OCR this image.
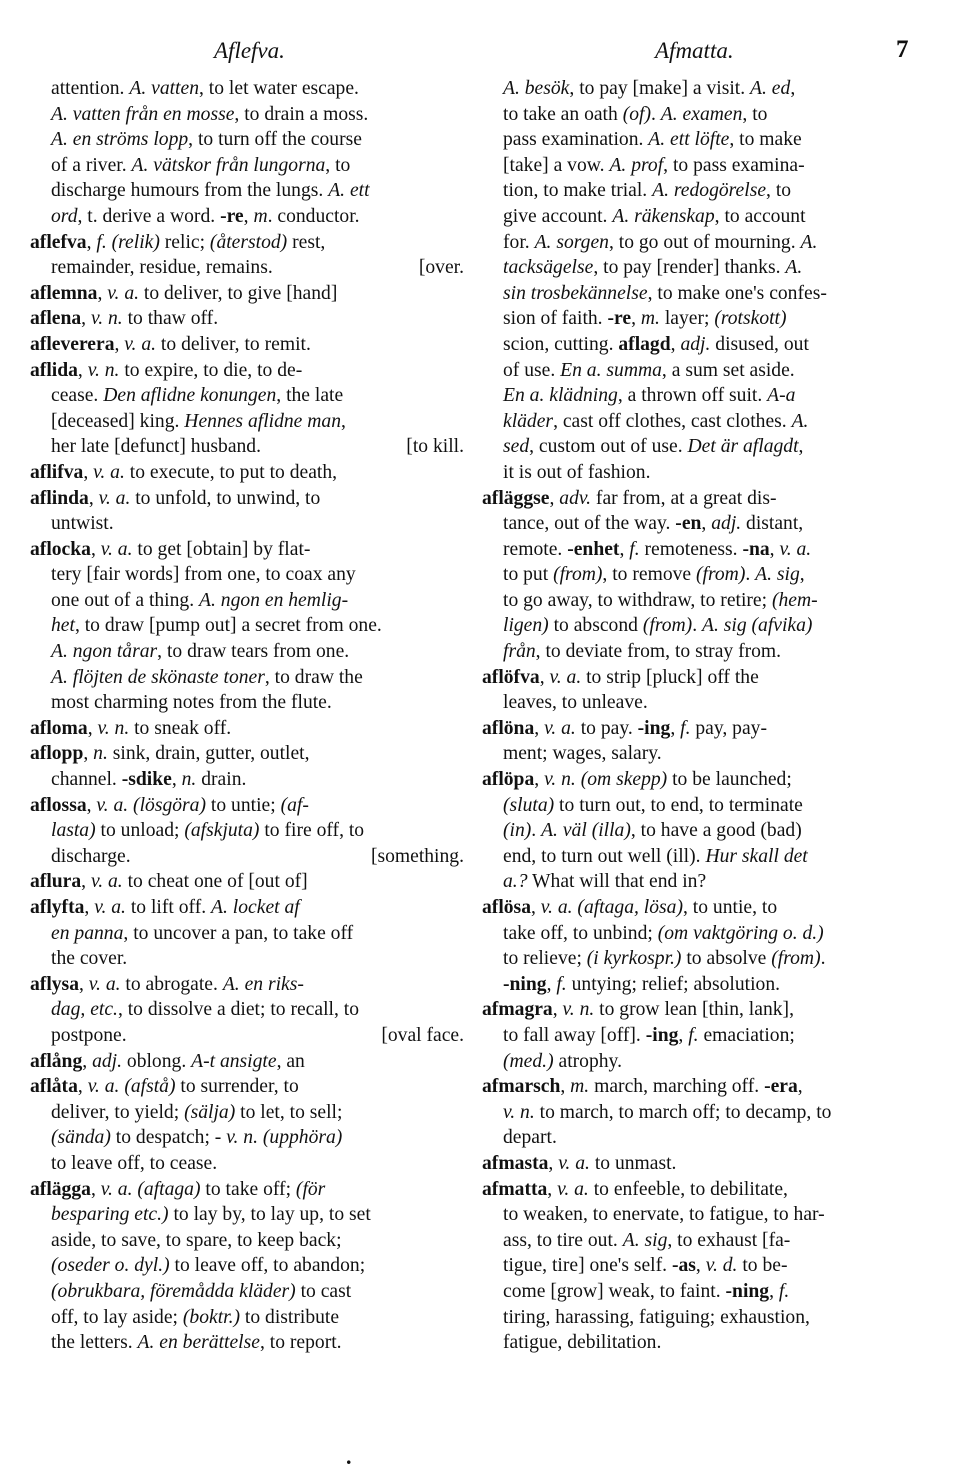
Aflefva.	Afmatta.	7
attention. A. vatten, to let water escape.
A. vatten från en mosse, to drain a moss.
A. en ströms lopp, to turn off the course
of a river. A. vätskor från lungorna, to
discharge humours from the lungs. A. ett
ord, t. derive a word. -re, m. conductor.
aflefva, f. (relik) relic; (återstod) rest,
[over.
remainder, residue, remains.
aflemna, v. a. to deliver, to give [hand]
aflena, v. n. to thaw off.
afleverera, v. a. to deliver, to remit.
aflida, v. n. to expire, to die, to de-
cease. Den aflidne konungen, the late
[deceased] king. Hennes aflidne man,
[to kill.
her late [defunct] husband.
aflifva, v. a. to execute, to put to death,
aflinda, v. a. to unfold, to unwind, to
untwist.
aflocka, v. a. to get [obtain] by flat-
tery [fair words] from one, to coax any
one out of a thing. A. ngon en hemlig-
het, to draw [pump out] a secret from one.
A. ngon tårar, to draw tears from one.
A. flöjten de skönaste toner, to draw the
most charming notes from the flute.
afloma, v. n. to sneak off.
aflopp, n. sink, drain, gutter, outlet,
channel. -sdike, n. drain.
aflossa, v. a. (lösgöra) to untie; (af-
lasta) to unload; (afskjuta) to fire off, to
[something.
discharge.
aflura, v. a. to cheat one of [out of]
aflyfta, v. a. to lift off. A. locket af
en panna, to uncover a pan, to take off
the cover.
aflysa, v. a. to abrogate. A. en riks-
dag, etc., to dissolve a diet; to recall, to
[oval face.
postpone.
aflång, adj. oblong. A-t ansigte, an
aflåta, v. a. (afstå) to surrender, to
deliver, to yield; (sälja) to let, to sell;
(sända) to despatch; - v. n. (upphöra)
to leave off, to cease.
aflägga, v. a. (aftaga) to take off; (för
besparing etc.) to lay by, to lay up, to set
aside, to save, to spare, to keep back;
(oseder o. dyl.) to leave off, to abandon;
(obrukbara, föremådda kläder) to cast
off, to lay aside; (boktr.) to distribute
the letters. A. en berättelse, to report.
A. besök, to pay [make] a visit. A. ed,
to take an oath (of). A. examen, to
pass examination. A. ett löfte, to make
[take] a vow. A. prof, to pass examina-
tion, to make trial. A. redogörelse, to
give account. A. räkenskap, to account
for. A. sorgen, to go out of mourning. A.
tacksägelse, to pay [render] thanks. A.
sin trosbekännelse, to make one's confes-
sion of faith. -re, m. layer; (rotskott)
scion, cutting. aflagd, adj. disused, out
of use. En a. summa, a sum set aside.
En a. klädning, a thrown off suit. A-a
kläder, cast off clothes, cast clothes. A.
sed, custom out of use. Det är aflagdt,
it is out of fashion.
afläggse, adv. far from, at a great dis-
tance, out of the way. -en, adj. distant,
remote. -enhet, f. remoteness. -na, v. a.
to put (from), to remove (from). A. sig,
to go away, to withdraw, to retire; (hem-
ligen) to abscond (from). A. sig (afvika)
från, to deviate from, to stray from.
aflöfva, v. a. to strip [pluck] off the
leaves, to unleave.
aflöna, v. a. to pay. -ing, f. pay, pay-
ment; wages, salary.
aflöpa, v. n. (om skepp) to be launched;
(sluta) to turn out, to end, to terminate
(in). A. väl (illa), to have a good (bad)
end, to turn out well (ill). Hur skall det
a.? What will that end in?
aflösa, v. a. (aftaga, lösa), to untie, to
take off, to unbind; (om vaktgöring o. d.)
to relieve; (i kyrkospr.) to absolve (from).
-ning, f. untying; relief; absolution.
afmagra, v. n. to grow lean [thin, lank],
to fall away [off]. -ing, f. emaciation;
(med.) atrophy.
afmarsch, m. march, marching off. -era,
v. n. to march, to march off; to decamp, to
depart.
afmasta, v. a. to unmast.
afmatta, v. a. to enfeeble, to debilitate,
to weaken, to enervate, to fatigue, to har-
ass, to tire out. A. sig, to exhaust [fa-
tigue, tire] one's self. -as, v. d. to be-
come [grow] weak, to faint. -ning, f.
tiring, harassing, fatiguing; exhaustion,
fatigue, debilitation.
.
